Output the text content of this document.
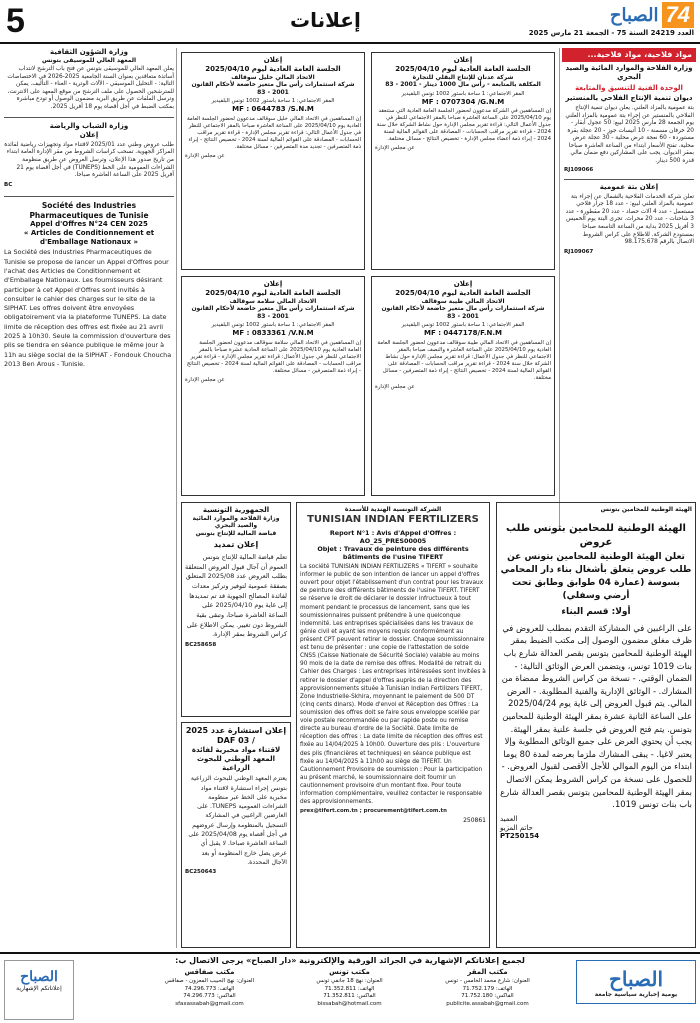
5	إعلانات	الصباح 74
العدد 24219 السنة 75 - الجمعة 21 مارس 2025
مواد فلاحية، مواد فلاحية...
وزارة الفلاحة والموارد المائية والصيد البحري
الوحدة الفنية للتنسيق والمتابعة
ديوان تنمية الإنتاج الفلاحي بالمنستير
بتة عمومية بالمزاد العلني. يعلن ديوان تنمية الإنتاج الفلاحي بالمنستير عن إجراء بتة عمومية بالمزاد العلني يوم الجمعة 28 مارس 2025 لبيع: 50 عجول أبقار - 20 خرفان مسمنة - 10 أتيسات جوز - 20 عجلة بقرة مستوردة - 60 نعجة عرض محلية - 30 عجلة عرض محلية. تفتح الأسعار ابتداء من الساعة العاشرة صباحا بمقر الديوان. يجب على المشاركين دفع ضمان مالي قدره 500 دينار.
RJ109066
إعلان بتة عمومية
تعلن شركة الخدمات الفلاحية بالشمال عن إجراء بتة عمومية بالمزاد العلني لبيع: - عدد 18 جرار فلاحي مستعمل - عدد 4 آلات حصاد - عدد 20 مقطورة - عدد 3 شاحنات - عدد 20 محراث. تجرى البتة يوم الخميس 3 أفريل 2025 بداية من الساعة التاسعة صباحا بمستودع الشركة. للاطلاع على كراس الشروط الاتصال بالرقم 98.175.678
RJ109067
إعلان
الجلسة العامة العادية ليوم 2025/04/10
شركة عدنان للإنتاج البقلي للتجارة
المكلفة بالمتابعة - رأس مال 1000 دينار - 2001 - 83
المقر الاجتماعي: 1 ساحة باستور 1002 تونس البلفيدير
MF : 0707304 /G.N.M
إن المساهمين في الشركة مدعوون لحضور الجلسة العامة العادية التي ستنعقد يوم 2025/04/10 على الساعة العاشرة صباحا بالمقر الاجتماعي للنظر في جدول الأعمال التالي: قراءة تقرير مجلس الإدارة حول نشاط الشركة خلال سنة 2024 - قراءة تقرير مراقب الحسابات - المصادقة على القوائم المالية لسنة 2024 - إبراء ذمة أعضاء مجلس الإدارة - تخصيص النتائج - مسائل مختلفة.
عن مجلس الإدارة
إعلان
الجلسة العامة العادية ليوم 2025/04/10
الاتحاد المالي خليل سوقالف
شركة استثمارات رأس مال متغير خاضعة لأحكام القانون 2001 - 83
المقر الاجتماعي: 1 ساحة باستور 1002 تونس البلفيدير
MF : 0644783 /S.N.M
إن المساهمين في الاتحاد المالي خليل سوقالف مدعوون لحضور الجلسة العامة العادية يوم 2025/04/10 على الساعة العاشرة صباحا بالمقر الاجتماعي للنظر في جدول الأعمال التالي: قراءة تقرير مجلس الإدارة - قراءة تقرير مراقب الحسابات - المصادقة على القوائم المالية لسنة 2024 - تخصيص النتائج - إبراء ذمة المتصرفين - تجديد مدة المتصرفين - مسائل مختلفة.
عن مجلس الإدارة
إعلان
الجلسة العامة العادية ليوم 2025/04/10
الاتحاد المالي طيبة سوقالف
شركة استثمارات رأس مال متغير خاضعة لأحكام القانون 2001 - 83
المقر الاجتماعي: 1 ساحة باستور 1002 تونس البلفيدير
MF : 0447178/F.N.M
إن المساهمين في الاتحاد المالي طيبة سوقالف مدعوون لحضور الجلسة العامة العادية يوم 2025/04/10 على الساعة العاشرة والنصف صباحا بالمقر الاجتماعي للنظر في جدول الأعمال: قراءة تقرير مجلس الإدارة حول نشاط الشركة خلال سنة 2024 - قراءة تقرير مراقب الحسابات - المصادقة على القوائم المالية لسنة 2024 - تخصيص النتائج - إبراء ذمة المتصرفين - مسائل مختلفة.
عن مجلس الإدارة
إعلان
الجلسة العامة العادية ليوم 2025/04/10
الاتحاد المالي سلامة سوقالف
شركة استثمارات رأس مال متغير خاضعة لأحكام القانون 2001 - 83
المقر الاجتماعي: 1 ساحة باستور 1002 تونس البلفيدير
MF : 0833361 /V.N.M
إن المساهمين في الاتحاد المالي سلامة سوقالف مدعوون لحضور الجلسة العامة العادية يوم 2025/04/10 على الساعة الحادية عشرة صباحا بالمقر الاجتماعي للنظر في جدول الأعمال: قراءة تقرير مجلس الإدارة - قراءة تقرير مراقب الحسابات - المصادقة على القوائم المالية لسنة 2024 - تخصيص النتائج - إبراء ذمة المتصرفين - مسائل مختلفة.
عن مجلس الإدارة
وزارة الشؤون الثقافية
المعهد العالي للموسيقى بتونس
يعلن المعهد العالي للموسيقى بتونس عن فتح باب الترشح لانتداب أساتذة متعاقدين بعنوان السنة الجامعية 2025-2026 في الاختصاصات التالية: - التحليل الموسيقي - الآلات الوترية - الغناء - التأليف. يمكن للمترشحين الحصول على ملف الترشح من موقع المعهد على الانترنت، وترسل الملفات عن طريق البريد مضمون الوصول أو تودع مباشرة بمكتب الضبط في أجل أقصاه يوم 18 أفريل 2025.
وزارة الشباب والرياضة
إعلان
طلب عروض وطني عدد 2025/01 لاقتناء مواد وتجهيزات رياضية لفائدة المراكز الجهوية. تسحب كراسات الشروط من مقر الإدارة العامة ابتداء من تاريخ صدور هذا الإعلان، وترسل العروض عن طريق منظومة الشراءات العمومية على الخط (TUNEPS) في أجل أقصاه يوم 21 أفريل 2025 على الساعة العاشرة صباحا.
BC
Société des Industries Pharmaceutiques de Tunisie
Appel d'Offres N°24 CEN 2025
« Articles de Conditionnement et d'Emballage Nationaux »
La Société des Industries Pharmaceutiques de Tunisie se propose de lancer un Appel d'Offres pour l'achat des Articles de Conditionnement et d'Emballage Nationaux. Les fournisseurs désirant participer à cet Appel d'Offres sont invités à consulter le cahier des charges sur le site de la SIPHAT. Les offres doivent être envoyées obligatoirement via la plateforme TUNEPS. La date limite de réception des offres est fixée au 21 avril 2025 à 10h30. Seule la commission d'ouverture des plis se tiendra en séance publique le même jour à 11h au siège social de la SIPHAT - Fondouk Choucha 2013 Ben Arous - Tunisie.
الجمهورية التونسية
وزارة الفلاحة والموارد المائية والصيد البحري
قباضة المالية للإنتاج بتونس
إعلان تمديد
تعلم قباضة المالية للإنتاج بتونس العموم أن آجال قبول العروض المتعلقة بطلب العروض عدد 2025/08 المتعلق بصفقة عمومية لتوفير وتركيز معدات لفائدة المصالح الجهوية قد تم تمديدها إلى غاية يوم 2025/04/10 على الساعة العاشرة صباحا، وتبقى بقية الشروط دون تغيير. يمكن الاطلاع على كراس الشروط بمقر الإدارة.
BC258658
إعلان استشارة عدد 2025 / DAF 03
لاقتناء مواد مخبرية لفائدة المعهد الوطني للبحوث الزراعية
يعتزم المعهد الوطني للبحوث الزراعية بتونس إجراء استشارة لاقتناء مواد مخبرية على الخط عبر منظومة الشراءات العمومية TUNEPS. على العارضين الراغبين في المشاركة التسجيل بالمنظومة وإرسال عروضهم في أجل أقصاه يوم 2025/04/08 على الساعة العاشرة صباحا. لا يقبل أي عرض يصل خارج المنظومة أو بعد الآجال المحددة.
BC250643
الشركة التونسية الهندية للأسمدة
TUNISIAN INDIAN FERTILIZERS
Report N°1 : Avis d'Appel d'Offres : AO_25_PRES00005
Objet : Travaux de peinture des différents bâtiments de l'usine TIFERT
La société TUNISIAN INDIAN FERTILIZERS « TIFERT » souhaite informer le public de son intention de lancer un appel d'offres ouvert pour objet l'établissement d'un contrat pour les travaux de peinture des différents bâtiments de l'usine TIFERT. TIFERT se réserve le droit de déclarer le dossier infructueux à tout moment pendant le processus de lancement, sans que les soumissionnaires puissent prétendre à une quelconque indemnité. Les entreprises spécialisées dans les travaux de génie civil et ayant les moyens requis conformément au présent CPT peuvent retirer le dossier. Chaque soumissionnaire est tenu de présenter : une copie de l'attestation de solde CNSS (Caisse Nationale de Sécurité Sociale) valable au moins 90 mois de la date de remise des offres. Modalité de retrait du Cahier des Charges : Les entreprises intéressées sont invitées à retirer le dossier d'appel d'offres auprès de la direction des approvisionnements située à Tunisian Indian Fertilizers TIFERT, Zone Industrielle-Skhira, moyennant le paiement de 500 DT (cinq cents dinars). Mode d'envoi et Réception des Offres : La soumission des offres doit se faire sous enveloppe scellée par voie postale recommandée ou par rapide poste ou remise directe au bureau d'ordre de la Société. Date limite de réception des offres : La date limite de réception des offres est fixée au 14/04/2025 à 10h00. Ouverture des plis : L'ouverture des plis (financières et techniques) en séance publique est fixée au 14/04/2025 à 11h00 au siège de TIFERT. Un Cautionnement Provisoire de soumission : Pour la participation au présent marché, le soumissionnaire doit fournir un cautionnement provisoire d'un montant fixe. Pour toute information complémentaire, veuillez contacter le responsable des approvisionnements.
prex@tifert.com.tn ; procurement@tifert.com.tn
250861
الهيئة الوطنية للمحامين بتونس
الهيئة الوطنية للمحامين بتونس طلب عروض
تعلن الهيئة الوطنية للمحامين بتونس عن طلب عروض يتعلق بأشغال بناء دار المحامي بسوسة (عمارة 04 طوابق وطابق تحت أرضي وسفلي)
أولا: قسم البناء
على الراغبين في المشاركة التقدم بمطلب للعروض في ظرف مغلق مضمون الوصول إلى مكتب الضبط بمقر الهيئة الوطنية للمحامين بتونس بقصر العدالة شارع باب بنات 1019 تونس، ويتضمن العرض الوثائق التالية: - الضمان الوقتي. - نسخة من كراس الشروط ممضاة من المشارك. - الوثائق الإدارية والفنية المطلوبة. - العرض المالي. يتم قبول العروض إلى غاية يوم 2025/04/24 على الساعة الثانية عشرة بمقر الهيئة الوطنية للمحامين بتونس. يتم فتح العروض في جلسة علنية بمقر الهيئة. يجب أن يحتوي العرض على جميع الوثائق المطلوبة وإلا يعتبر لاغيا. - يبقى المشارك ملزما بعرضه لمدة 80 يوما ابتداء من اليوم الموالي للأجل الأقصى لقبول العروض. - للحصول على نسخة من كراس الشروط يمكن الاتصال بمقر الهيئة الوطنية للمحامين بتونس بقصر العدالة شارع باب بنات تونس 1019.
العميد
حاتم المزيو
PT250154
لجميع إعلاناتكم الإشهارية في الجرائد الورقية والإلكترونية «دار الصباح» يرجى الاتصال ب:
مكتب المقر
العنوان: شارع محمد الخامس - تونس
الهاتف: 71.752.179
الفاكس: 71.752.180
publicite.assabah@gmail.com
مكتب تونس
العنوان: نهج 18 جانفي تونس
الهاتف: 71.352.811
الفاكس: 71.352.811
bissabah@hotmail.com
مكتب صفاقس
العنوان: نهج الحبيب المعزون - صفاقس
الهاتف: 74.296.773
الفاكس: 74.296.773
sfaxassabah@gmail.com
الصباح
يومية إخبارية سياسية جامعة
الصباح
إعلاناتكم الإشهارية
